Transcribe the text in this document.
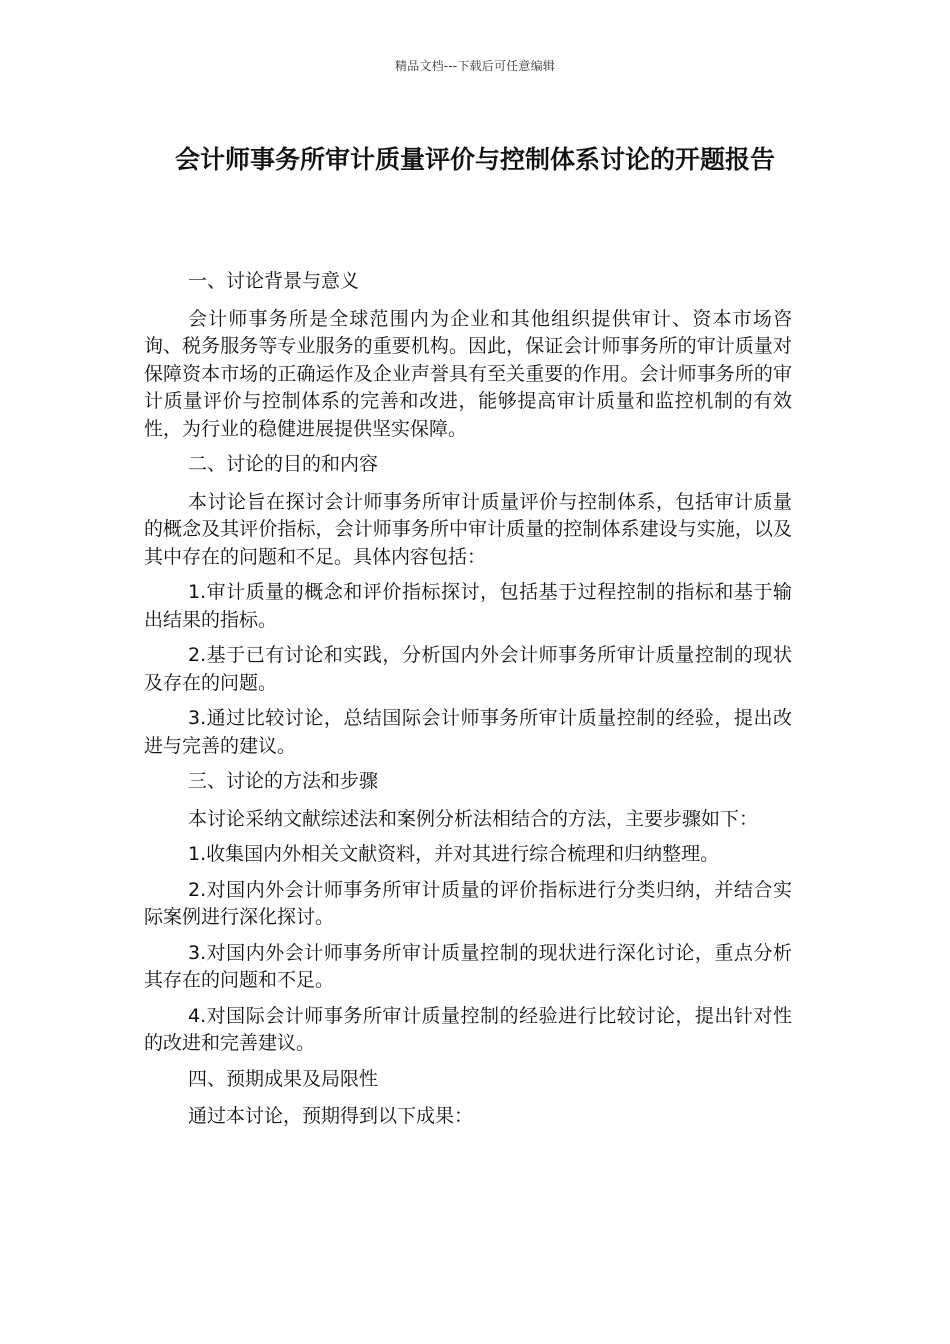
精品文档---下载后可任意编辑
会计师事务所审计质量评价与控制体系讨论的开题报告

一、讨论背景与意义

会计师事务所是全球范围内为企业和其他组织提供审计、资本市场咨询、税务服务等专业服务的重要机构。因此，保证会计师事务所的审计质量对保障资本市场的正确运作及企业声誉具有至关重要的作用。会计师事务所的审计质量评价与控制体系的完善和改进，能够提高审计质量和监控机制的有效性，为行业的稳健进展提供坚实保障。

二、讨论的目的和内容

本讨论旨在探讨会计师事务所审计质量评价与控制体系，包括审计质量的概念及其评价指标，会计师事务所中审计质量的控制体系建设与实施，以及其中存在的问题和不足。具体内容包括：

1.审计质量的概念和评价指标探讨，包括基于过程控制的指标和基于输出结果的指标。

2.基于已有讨论和实践，分析国内外会计师事务所审计质量控制的现状及存在的问题。

3.通过比较讨论，总结国际会计师事务所审计质量控制的经验，提出改进与完善的建议。

三、讨论的方法和步骤

本讨论采纳文献综述法和案例分析法相结合的方法，主要步骤如下：

1.收集国内外相关文献资料，并对其进行综合梳理和归纳整理。

2.对国内外会计师事务所审计质量的评价指标进行分类归纳，并结合实际案例进行深化探讨。

3.对国内外会计师事务所审计质量控制的现状进行深化讨论，重点分析其存在的问题和不足。

4.对国际会计师事务所审计质量控制的经验进行比较讨论，提出针对性的改进和完善建议。

四、预期成果及局限性

通过本讨论，预期得到以下成果：
